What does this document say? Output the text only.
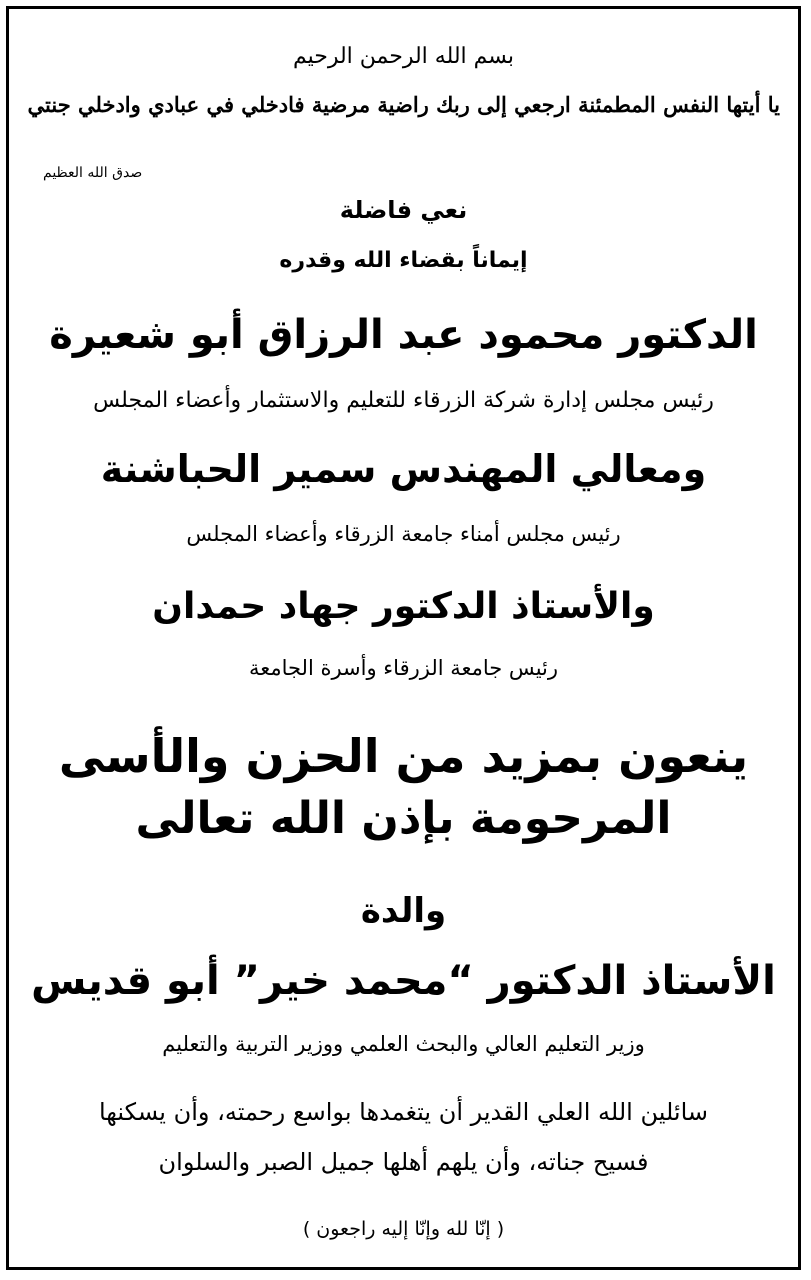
بسم الله الرحمن الرحيم
يا أيتها النفس المطمئنة ارجعي إلى ربك راضية مرضية فادخلي في عبادي وادخلي جنتي
صدق الله العظيم
نعي فاضلة
إيماناً بقضاء الله وقدره
الدكتور محمود عبد الرزاق أبو شعيرة
رئيس مجلس إدارة شركة الزرقاء للتعليم والاستثمار وأعضاء المجلس
ومعالي المهندس سمير الحباشنة
رئيس مجلس أمناء جامعة الزرقاء وأعضاء المجلس
والأستاذ الدكتور جهاد حمدان
رئيس جامعة الزرقاء وأسرة الجامعة
ينعون بمزيد من الحزن والأسى
المرحومة بإذن الله تعالى
والدة
الأستاذ الدكتور “محمد خير” أبو قديس
وزير التعليم العالي والبحث العلمي ووزير التربية والتعليم
سائلين الله العلي القدير أن يتغمدها بواسع رحمته، وأن يسكنها
فسيح جناته، وأن يلهم أهلها جميل الصبر والسلوان
( إنّا لله وإنّا إليه راجعون )
